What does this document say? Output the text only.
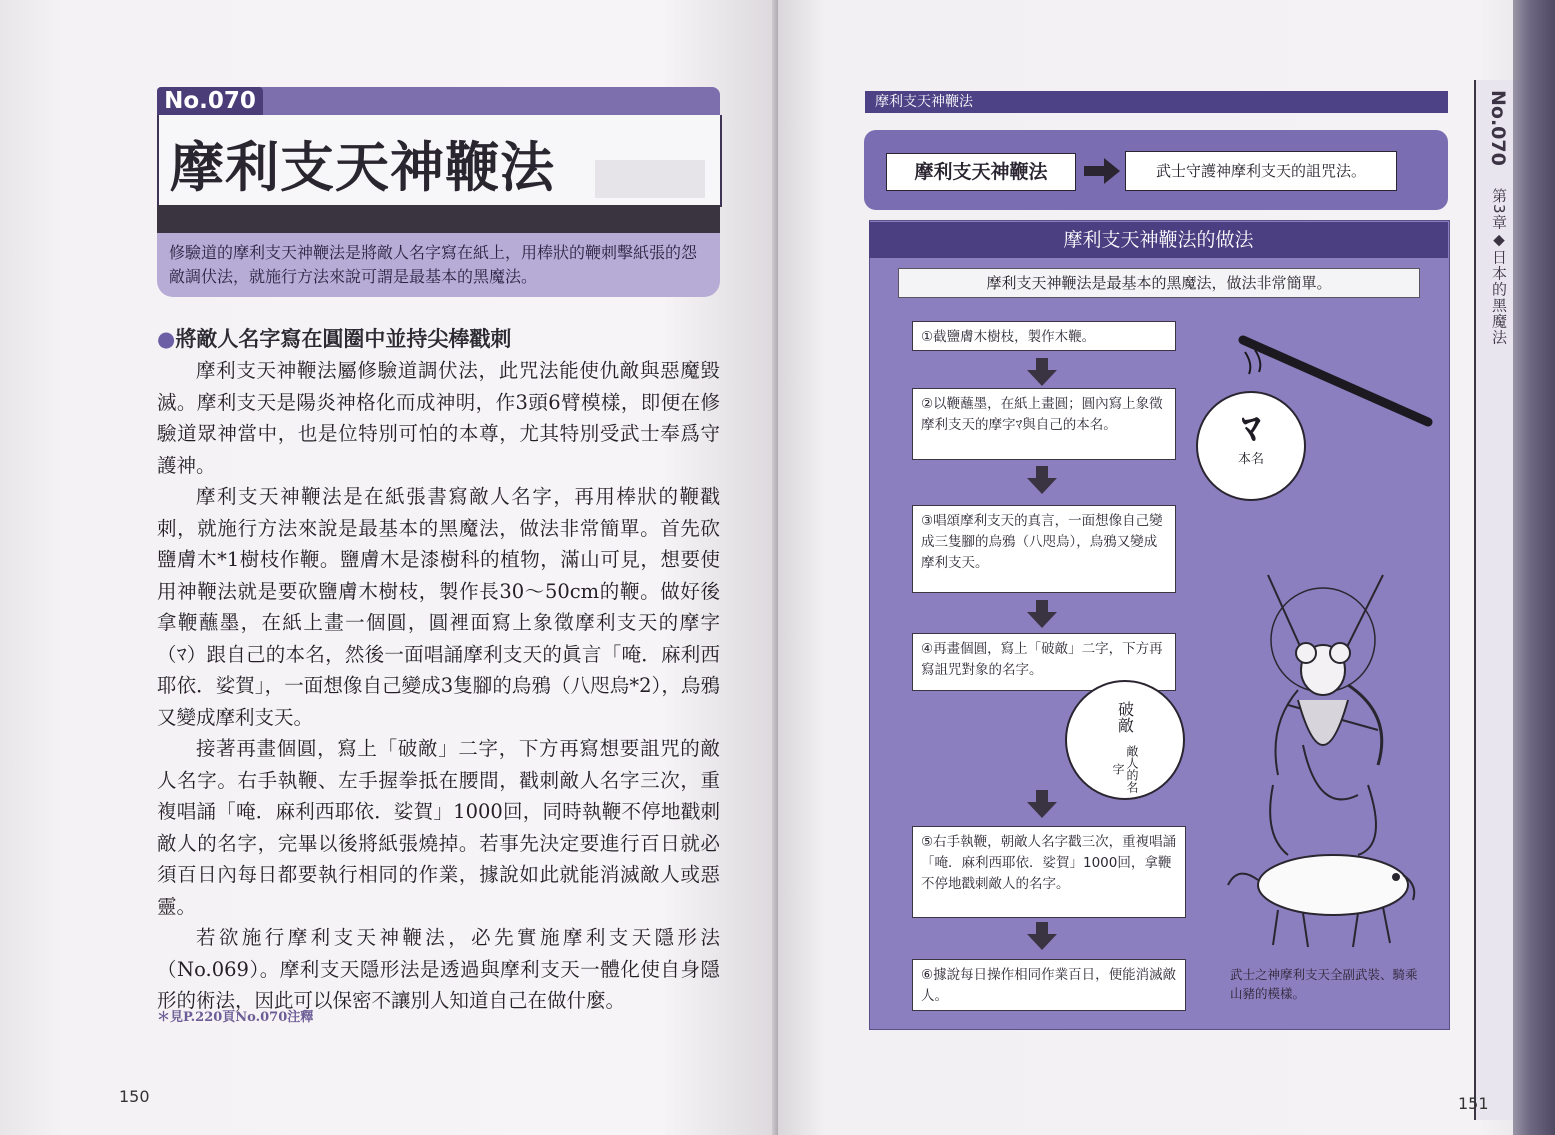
No.070
摩利支天神鞭法
修驗道的摩利支天神鞭法是將敵人名字寫在紙上，用棒狀的鞭刺擊紙張的怨敵調伏法，就施行方法來說可謂是最基本的黑魔法。
●將敵人名字寫在圓圈中並持尖棒戳刺

摩利支天神鞭法屬修驗道調伏法，此咒法能使仇敵與惡魔毀滅。摩利支天是陽炎神格化而成神明，作3頭6臂模樣，即便在修驗道眾神當中，也是位特別可怕的本尊，尤其特別受武士奉爲守護神。

摩利支天神鞭法是在紙張書寫敵人名字，再用棒狀的鞭戳刺，就施行方法來說是最基本的黑魔法，做法非常簡單。首先砍鹽膚木*1樹枝作鞭。鹽膚木是漆樹科的植物，滿山可見，想要使用神鞭法就是要砍鹽膚木樹枝，製作長30～50cm的鞭。做好後拿鞭蘸墨，在紙上畫一個圓，圓裡面寫上象徵摩利支天的摩字（ﾏ）跟自己的本名，然後一面唱誦摩利支天的眞言「唵．麻利西耶依．娑賀」，一面想像自己變成3隻腳的烏鴉（八咫烏*2），烏鴉又變成摩利支天。

接著再畫個圓，寫上「破敵」二字，下方再寫想要詛咒的敵人名字。右手執鞭、左手握拳抵在腰間，戳刺敵人名字三次，重複唱誦「唵．麻利西耶依．娑賀」1000回，同時執鞭不停地戳刺敵人的名字，完畢以後將紙張燒掉。若事先決定要進行百日就必須百日內每日都要執行相同的作業，據說如此就能消滅敵人或惡靈。

若欲施行摩利支天神鞭法，必先實施摩利支天隱形法（No.069）。摩利支天隱形法是透過與摩利支天一體化使自身隱形的術法，因此可以保密不讓別人知道自己在做什麼。

＊見P.220頁No.070注釋
150
摩利支天神鞭法
摩利支天神鞭法	武士守護神摩利支天的詛咒法。
摩利支天神鞭法的做法
摩利支天神鞭法是最基本的黑魔法，做法非常簡單。
①截鹽膚木樹枝，製作木鞭。
②以鞭蘸墨，在紙上畫圓；圓內寫上象徵摩利支天的摩字ﾏ與自己的本名。
③唱頌摩利支天的真言，一面想像自己變成三隻腳的烏鴉（八咫烏），烏鴉又變成摩利支天。
④再畫個圓，寫上「破敵」二字，下方再寫詛咒對象的名字。
破敵
敵人的名字
⑤右手執鞭，朝敵人名字戳三次，重複唱誦「唵．麻利西耶依．娑賀」1000回，拿鞭不停地戳刺敵人的名字。
⑥據說每日操作相同作業百日，便能消滅敵人。
ﾏ
本名
武士之神摩利支天全副武裝、騎乘山豬的模樣。
No.070
第3章◆日本的黑魔法
151
